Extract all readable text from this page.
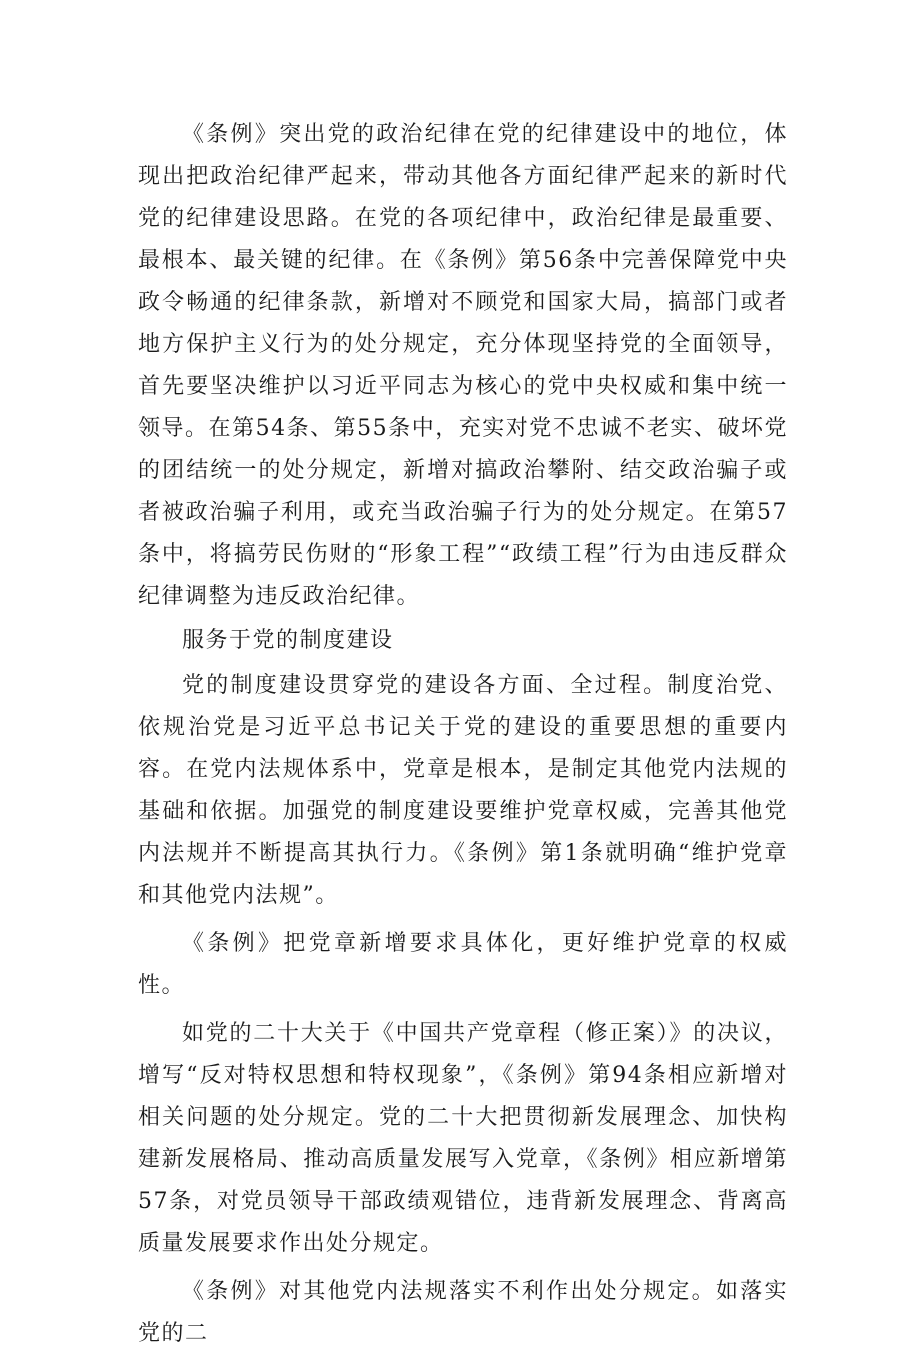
《条例》突出党的政治纪律在党的纪律建设中的地位，体现出把政治纪律严起来，带动其他各方面纪律严起来的新时代党的纪律建设思路。在党的各项纪律中，政治纪律是最重要、最根本、最关键的纪律。在《条例》第56条中完善保障党中央政令畅通的纪律条款，新增对不顾党和国家大局，搞部门或者地方保护主义行为的处分规定，充分体现坚持党的全面领导，首先要坚决维护以习近平同志为核心的党中央权威和集中统一领导。在第54条、第55条中，充实对党不忠诚不老实、破坏党的团结统一的处分规定，新增对搞政治攀附、结交政治骗子或者被政治骗子利用，或充当政治骗子行为的处分规定。在第57条中，将搞劳民伤财的“形象工程”“政绩工程”行为由违反群众纪律调整为违反政治纪律。

服务于党的制度建设

党的制度建设贯穿党的建设各方面、全过程。制度治党、依规治党是习近平总书记关于党的建设的重要思想的重要内容。在党内法规体系中，党章是根本，是制定其他党内法规的基础和依据。加强党的制度建设要维护党章权威，完善其他党内法规并不断提高其执行力。《条例》第1条就明确“维护党章和其他党内法规”。

《条例》把党章新增要求具体化，更好维护党章的权威性。

如党的二十大关于《中国共产党章程（修正案）》的决议，增写“反对特权思想和特权现象”，《条例》第94条相应新增对相关问题的处分规定。党的二十大把贯彻新发展理念、加快构建新发展格局、推动高质量发展写入党章，《条例》相应新增第57条，对党员领导干部政绩观错位，违背新发展理念、背离高质量发展要求作出处分规定。

《条例》对其他党内法规落实不利作出处分规定。如落实党的二
